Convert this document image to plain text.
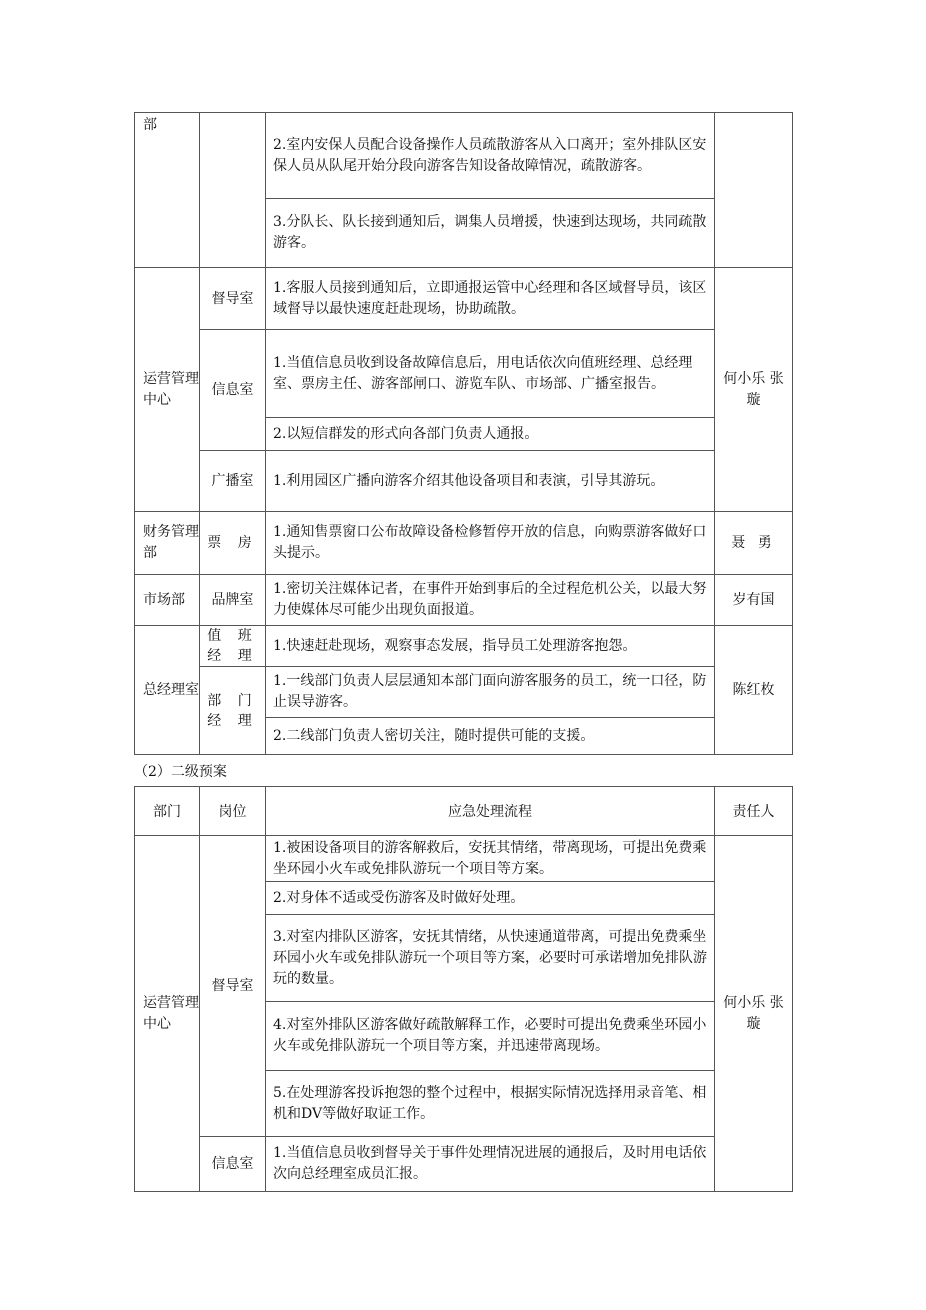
部		2.室内安保人员配合设备操作人员疏散游客从入口离开；室外排队区安保人员从队尾开始分段向游客告知设备故障情况，疏散游客。	
		3.分队长、队长接到通知后，调集人员增援，快速到达现场，共同疏散游客。	
运营管理中心	督导室	1.客服人员接到通知后，立即通报运管中心经理和各区域督导员，该区域督导以最快速度赶赴现场，协助疏散。	何小乐 张 璇
	信息室	1.当值信息员收到设备故障信息后，用电话依次向值班经理、总经理室、票房主任、游客部闸口、游览车队、市场部、广播室报告。	
		2.以短信群发的形式向各部门负责人通报。	
	广播室	1.利用园区广播向游客介绍其他设备项目和表演，引导其游玩。	
财务管理部	票 房	1.通知售票窗口公布故障设备检修暂停开放的信息，向购票游客做好口头提示。	聂 勇
市场部	品牌室	1.密切关注媒体记者，在事件开始到事后的全过程危机公关，以最大努力使媒体尽可能少出现负面报道。	岁有国
总经理室	值 班 经 理	1.快速赶赴现场，观察事态发展，指导员工处理游客抱怨。	陈红枚
	部 门 经 理	1.一线部门负责人层层通知本部门面向游客服务的员工，统一口径，防止误导游客。	
		2.二线部门负责人密切关注，随时提供可能的支援。	
（2）二级预案
部门	岗位	应急处理流程	责任人
运营管理中心	督导室	1.被困设备项目的游客解救后，安抚其情绪，带离现场，可提出免费乘坐环园小火车或免排队游玩一个项目等方案。	何小乐 张 璇
		2.对身体不适或受伤游客及时做好处理。	
		3.对室内排队区游客，安抚其情绪，从快速通道带离，可提出免费乘坐环园小火车或免排队游玩一个项目等方案，必要时可承诺增加免排队游玩的数量。	
		4.对室外排队区游客做好疏散解释工作，必要时可提出免费乘坐环园小火车或免排队游玩一个项目等方案，并迅速带离现场。	
		5.在处理游客投诉抱怨的整个过程中，根据实际情况选择用录音笔、相机和DV等做好取证工作。	
	信息室	1.当值信息员收到督导关于事件处理情况进展的通报后，及时用电话依次向总经理室成员汇报。	
